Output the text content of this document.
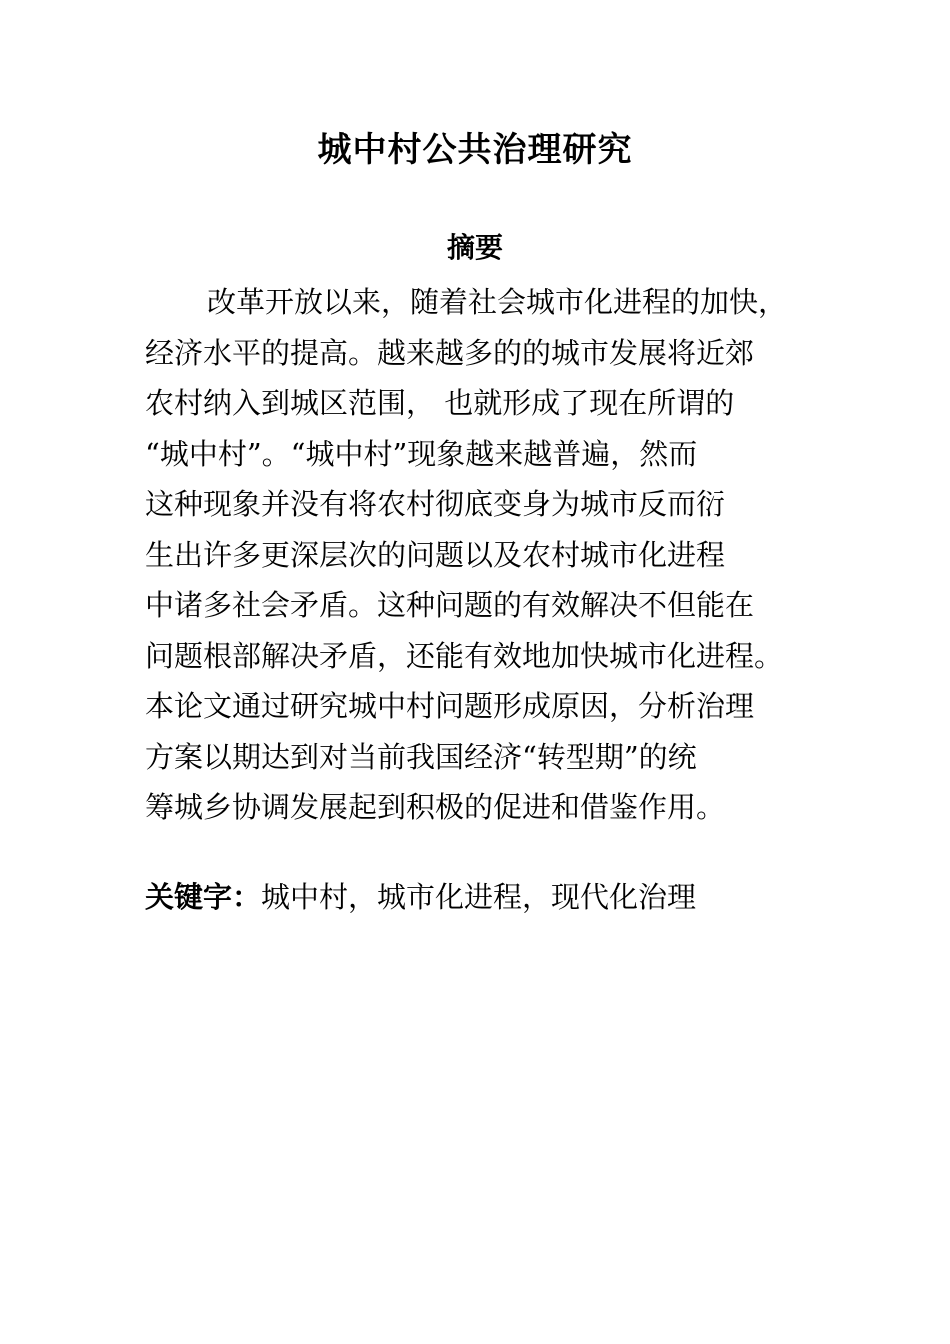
城中村公共治理研究
摘要
改革开放以来，随着社会城市化进程的加快，
经济水平的提高。越来越多的的城市发展将近郊
农村纳入到城区范围， 也就形成了现在所谓的
“城中村”。“城中村”现象越来越普遍，然而
这种现象并没有将农村彻底变身为城市反而衍
生出许多更深层次的问题以及农村城市化进程
中诸多社会矛盾。这种问题的有效解决不但能在
问题根部解决矛盾，还能有效地加快城市化进程。
本论文通过研究城中村问题形成原因，分析治理
方案以期达到对当前我国经济“转型期”的统
筹城乡协调发展起到积极的促进和借鉴作用。
关键字：城中村，城市化进程，现代化治理
